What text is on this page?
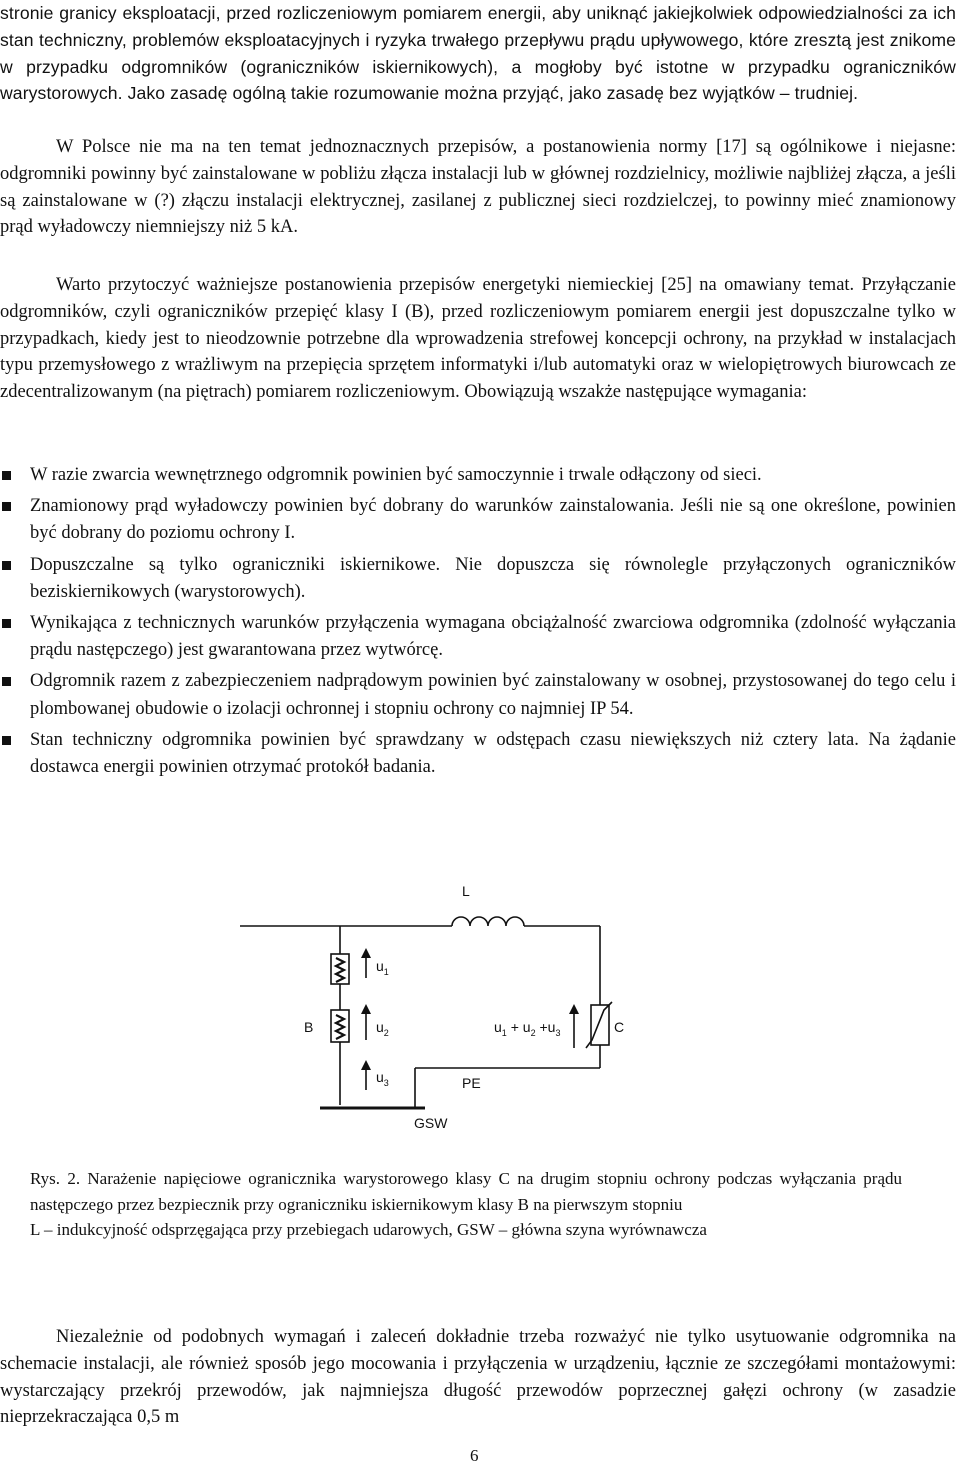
stronie granicy eksploatacji, przed rozliczeniowym pomiarem energii, aby uniknąć jakiejkolwiek odpowiedzialności za ich stan techniczny, problemów eksploatacyjnych i ryzyka trwałego przepływu prądu upływowego, które zresztą jest znikome w przypadku odgromników (ograniczników iskiernikowych), a mogłoby być istotne w przypadku ograniczników warystorowych. Jako zasadę ogólną takie rozumowanie można przyjąć, jako zasadę bez wyjątków – trudniej.

W Polsce nie ma na ten temat jednoznacznych przepisów, a postanowienia normy [17] są ogólnikowe i niejasne: odgromniki powinny być zainstalowane w pobliżu złącza instalacji lub w głównej rozdzielnicy, możliwie najbliżej złącza, a jeśli są zainstalowane w (?) złączu instalacji elektrycznej, zasilanej z publicznej sieci rozdzielczej, to powinny mieć znamionowy prąd wyładowczy niemniejszy niż 5 kA.

Warto przytoczyć ważniejsze postanowienia przepisów energetyki niemieckiej [25] na omawiany temat. Przyłączanie odgromników, czyli ograniczników przepięć klasy I (B), przed rozliczeniowym pomiarem energii jest dopuszczalne tylko w przypadkach, kiedy jest to nieodzownie potrzebne dla wprowadzenia strefowej koncepcji ochrony, na przykład w instalacjach typu przemysłowego z wrażliwym na przepięcia sprzętem informatyki i/lub automatyki oraz w wielopiętrowych biurowcach ze zdecentralizowanym (na piętrach) pomiarem rozliczeniowym. Obowiązują wszakże następujące wymagania:

W razie zwarcia wewnętrznego odgromnik powinien być samoczynnie i trwale odłączony od sieci.
Znamionowy prąd wyładowczy powinien być dobrany do warunków zainstalowania. Jeśli nie są one określone, powinien być dobrany do poziomu ochrony I.
Dopuszczalne są tylko ograniczniki iskiernikowe. Nie dopuszcza się równolegle przyłączonych ograniczników beziskiernikowych (warystorowych).
Wynikająca z technicznych warunków przyłączenia wymagana obciążalność zwarciowa odgromnika (zdolność wyłączania prądu następczego) jest gwarantowana przez wytwórcę.
Odgromnik razem z zabezpieczeniem nadprądowym powinien być zainstalowany w osobnej, przystosowanej do tego celu i plombowanej obudowie o izolacji ochronnej i stopniu ochrony co najmniej IP 54.
Stan techniczny odgromnika powinien być sprawdzany w odstępach czasu niewiększych niż cztery lata. Na żądanie dostawca energii powinien otrzymać protokół badania.
L
B	C
$u_1$
$u_2$
$u_3$
$u_1 + u_2 +u_3$
PE
GSW

Rys. 2. Narażenie napięciowe ogranicznika warystorowego klasy C na drugim stopniu ochrony podczas wyłączania prądu następczego przez bezpiecznik przy ograniczniku iskiernikowym klasy B na pierwszym stopniu

L – indukcyjność odsprzęgająca przy przebiegach udarowych, GSW – główna szyna wyrównawcza

Niezależnie od podobnych wymagań i zaleceń dokładnie trzeba rozważyć nie tylko usytuowanie odgromnika na schemacie instalacji, ale również sposób jego mocowania i przyłączenia w urządzeniu, łącznie ze szczegółami montażowymi: wystarczający przekrój przewodów, jak najmniejsza długość przewodów poprzecznej gałęzi ochrony (w zasadzie nieprzekraczająca 0,5 m

6
